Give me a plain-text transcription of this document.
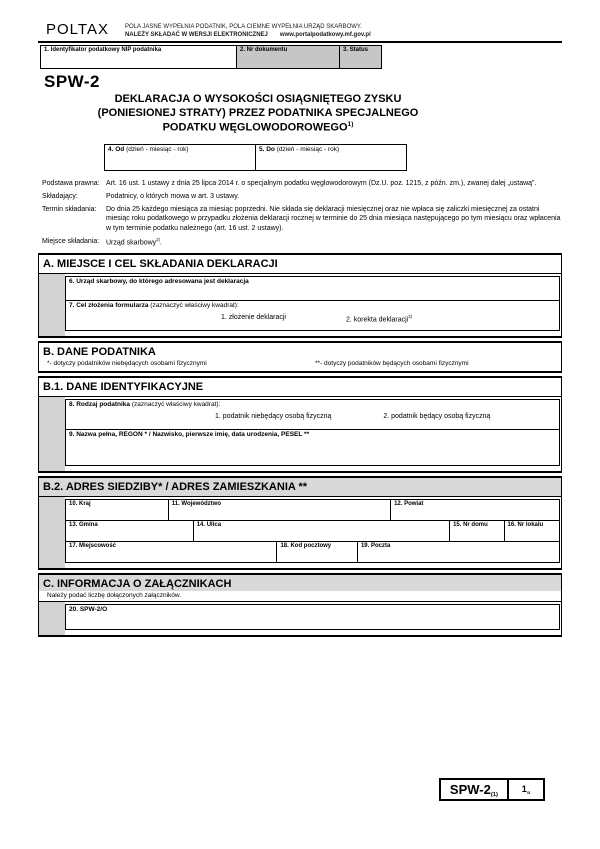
POLTAX	POLA JASNE WYPEŁNIA PODATNIK, POLA CIEMNE WYPEŁNIA URZĄD SKARBOWY.
NALEŻY SKŁADAĆ W WERSJI ELEKTRONICZNEJ www.portalpodatkowy.mf.gov.pl
1. Identyfikator podatkowy NIP podatnika	2. Nr dokumentu	3. Status
SPW-2
DEKLARACJA O WYSOKOŚCI OSIĄGNIĘTEGO ZYSKU
(PONIESIONEJ STRATY) PRZEZ PODATNIKA SPECJALNEGO
PODATKU WĘGLOWODOROWEGO$^{1)}$
4. Od (dzień - miesiąc - rok)	5. Do (dzień - miesiąc - rok)
Podstawa prawna: Art. 16 ust. 1 ustawy z dnia 25 lipca 2014 r. o specjalnym podatku węglowodorowym (Dz.U. poz. 1215, z późn. zm.), zwanej dalej „ustawą”.
Składający:	Podatnicy, o których mowa w art. 3 ustawy.
Termin składania:	Do dnia 25 każdego miesiąca za miesiąc poprzedni. Nie składa się deklaracji miesięcznej oraz nie wpłaca się zaliczki miesięcznej za ostatni miesiąc roku podatkowego w przypadku złożenia deklaracji rocznej w terminie do 25 dnia miesiąca następującego po tym miesiącu oraz wpłacenia w tym terminie podatku należnego (art. 16 ust. 2 ustawy).
Miejsce składania: Urząd skarbowy$^{2)}$.
A. MIEJSCE I CEL SKŁADANIA DEKLARACJI
6. Urząd skarbowy, do którego adresowana jest deklaracja
7. Cel złożenia formularza (zaznaczyć właściwy kwadrat):
1. złożenie deklaracji	2. korekta deklaracji$^{3)}$
B. DANE PODATNIKA
*- dotyczy podatników niebędących osobami fizycznymi	**- dotyczy podatników będących osobami fizycznymi
B.1. DANE IDENTYFIKACYJNE
8. Rodzaj podatnika (zaznaczyć właściwy kwadrat):
1. podatnik niebędący osobą fizyczną	2. podatnik będący osobą fizyczną
9. Nazwa pełna, REGON * / Nazwisko, pierwsze imię, data urodzenia, PESEL **
B.2. ADRES SIEDZIBY* / ADRES ZAMIESZKANIA **
10. Kraj	11. Województwo	12. Powiat
13. Gmina	14. Ulica	15. Nr domu	16. Nr lokalu
17. Miejscowość	18. Kod pocztowy	19. Poczta
C. INFORMACJA O ZAŁĄCZNIKACH
Należy podać liczbę dołączonych załączników.
20. SPW-2/O
SPW-$2_{(1)}$
$1_{/3}$
